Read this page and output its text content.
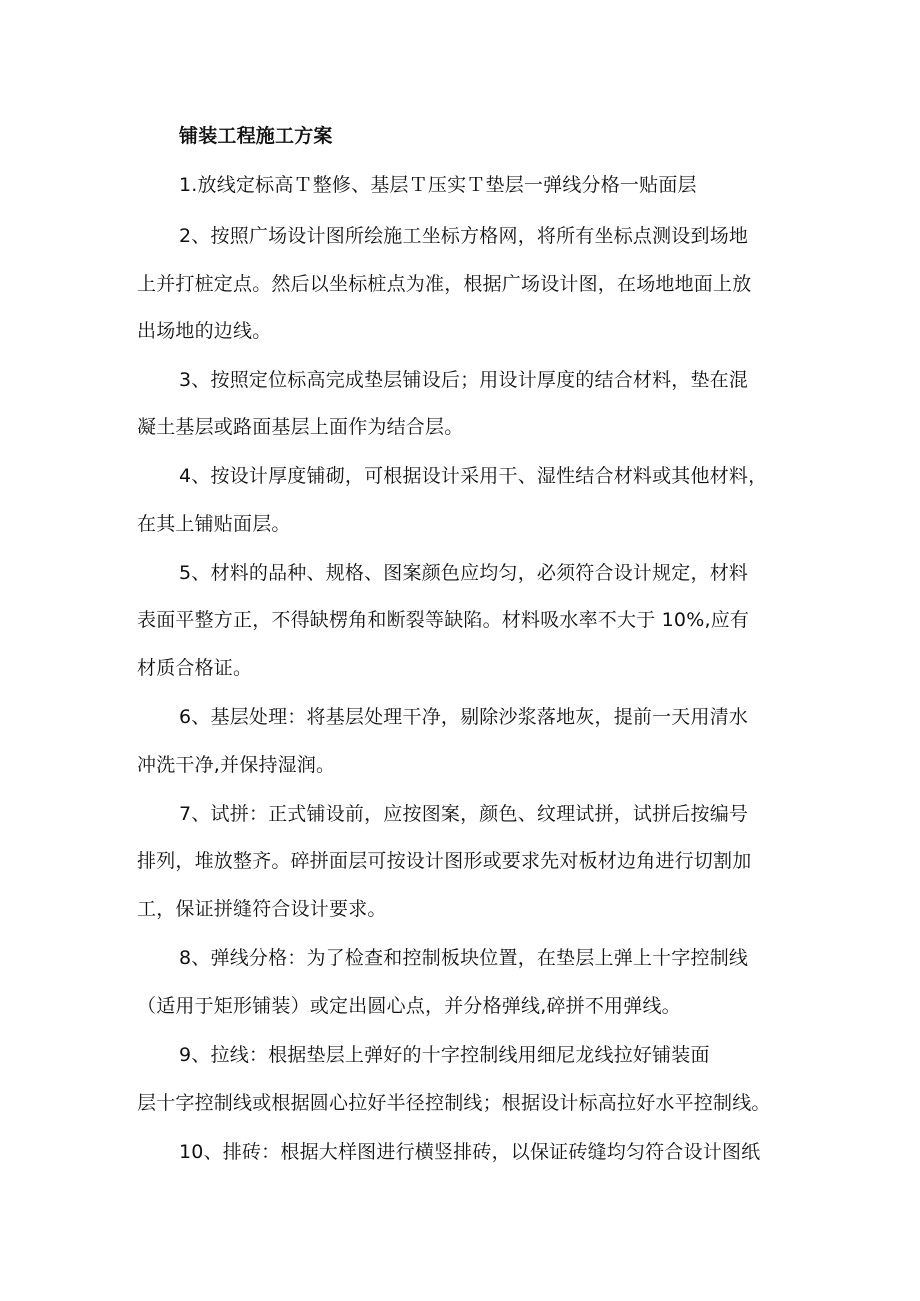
铺装工程施工方案
1.放线定标高Ｔ整修、基层Ｔ压实Ｔ垫层一弹线分格一贴面层
2、按照广场设计图所绘施工坐标方格网，将所有坐标点测设到场地
上并打桩定点。然后以坐标桩点为准，根据广场设计图，在场地地面上放
出场地的边线。
3、按照定位标高完成垫层铺设后；用设计厚度的结合材料，垫在混
凝土基层或路面基层上面作为结合层。
4、按设计厚度铺砌，可根据设计采用干、湿性结合材料或其他材料，
在其上铺贴面层。
5、材料的品种、规格、图案颜色应均匀，必须符合设计规定，材料
表面平整方正，不得缺楞角和断裂等缺陷。材料吸水率不大于 10%,应有
材质合格证。
6、基层处理：将基层处理干净，剔除沙浆落地灰，提前一天用清水
冲洗干净,并保持湿润。
7、试拼：正式铺设前，应按图案，颜色、纹理试拼，试拼后按编号
排列，堆放整齐。碎拼面层可按设计图形或要求先对板材边角进行切割加
工，保证拼缝符合设计要求。
8、弹线分格：为了检查和控制板块位置，在垫层上弹上十字控制线
（适用于矩形铺装）或定出圆心点，并分格弹线,碎拼不用弹线。
9、拉线：根据垫层上弹好的十字控制线用细尼龙线拉好铺装面
层十字控制线或根据圆心拉好半径控制线；根据设计标高拉好水平控制线。
10、排砖：根据大样图进行横竖排砖，以保证砖缝均匀符合设计图纸
